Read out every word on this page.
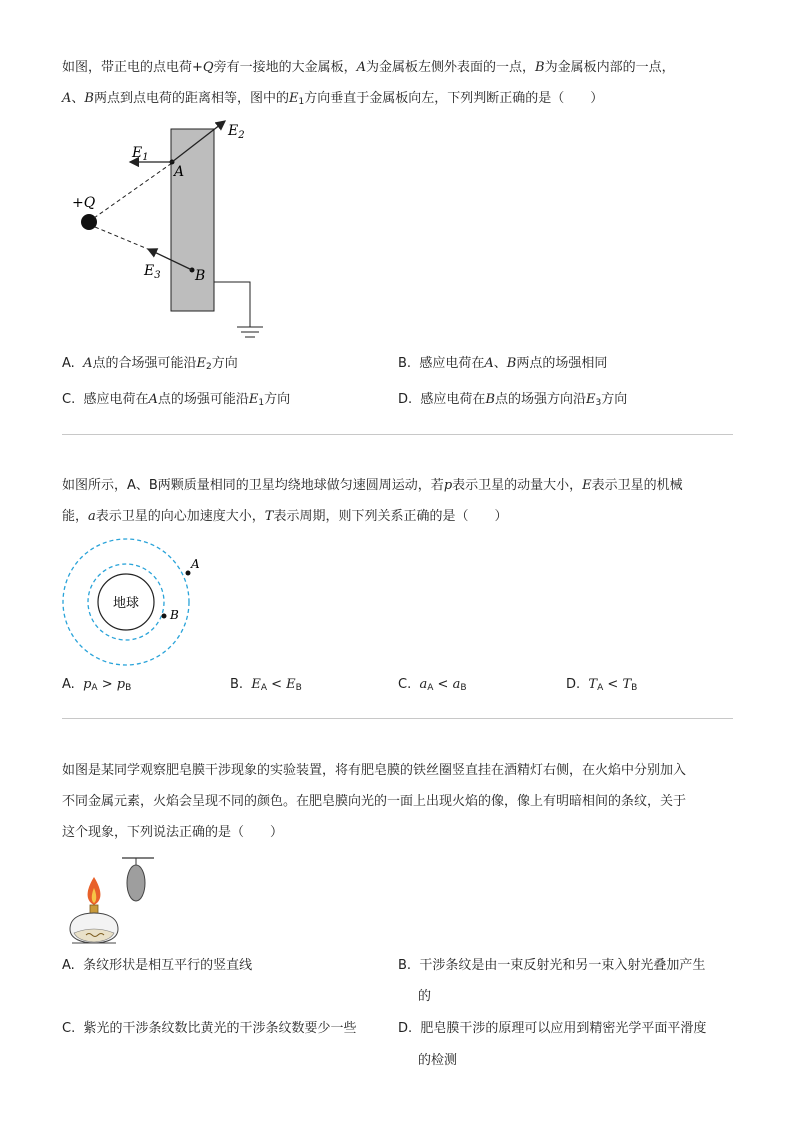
如图，带正电的点电荷+Q旁有一接地的大金属板，A为金属板左侧外表面的一点，B为金属板内部的一点，
A、B两点到点电荷的距离相等，图中的$E_1$方向垂直于金属板向左，下列判断正确的是（　　）
+Q
A
B
$E_1$
$E_2$
$E_3$
A. A点的合场强可能沿$E_2$方向	B. 感应电荷在A、B两点的场强相同
C. 感应电荷在A点的场强可能沿$E_1$方向	D. 感应电荷在B点的场强方向沿$E_3$方向
如图所示，A、B两颗质量相同的卫星均绕地球做匀速圆周运动，若p表示卫星的动量大小，E表示卫星的机械
能，a表示卫星的向心加速度大小，T表示周期，则下列关系正确的是（　　）
地球
A
B
A. $p_A > p_B$	B. $E_A < E_B$	C. $a_A < a_B$	D. $T_A < T_B$
如图是某同学观察肥皂膜干涉现象的实验装置，将有肥皂膜的铁丝圈竖直挂在酒精灯右侧，在火焰中分别加入
不同金属元素，火焰会呈现不同的颜色。在肥皂膜向光的一面上出现火焰的像，像上有明暗相间的条纹，关于
这个现象，下列说法正确的是（　　）
A. 条纹形状是相互平行的竖直线	B. 干涉条纹是由一束反射光和另一束入射光叠加产生
的
C. 紫光的干涉条纹数比黄光的干涉条纹数要少一些	D. 肥皂膜干涉的原理可以应用到精密光学平面平滑度
的检测
